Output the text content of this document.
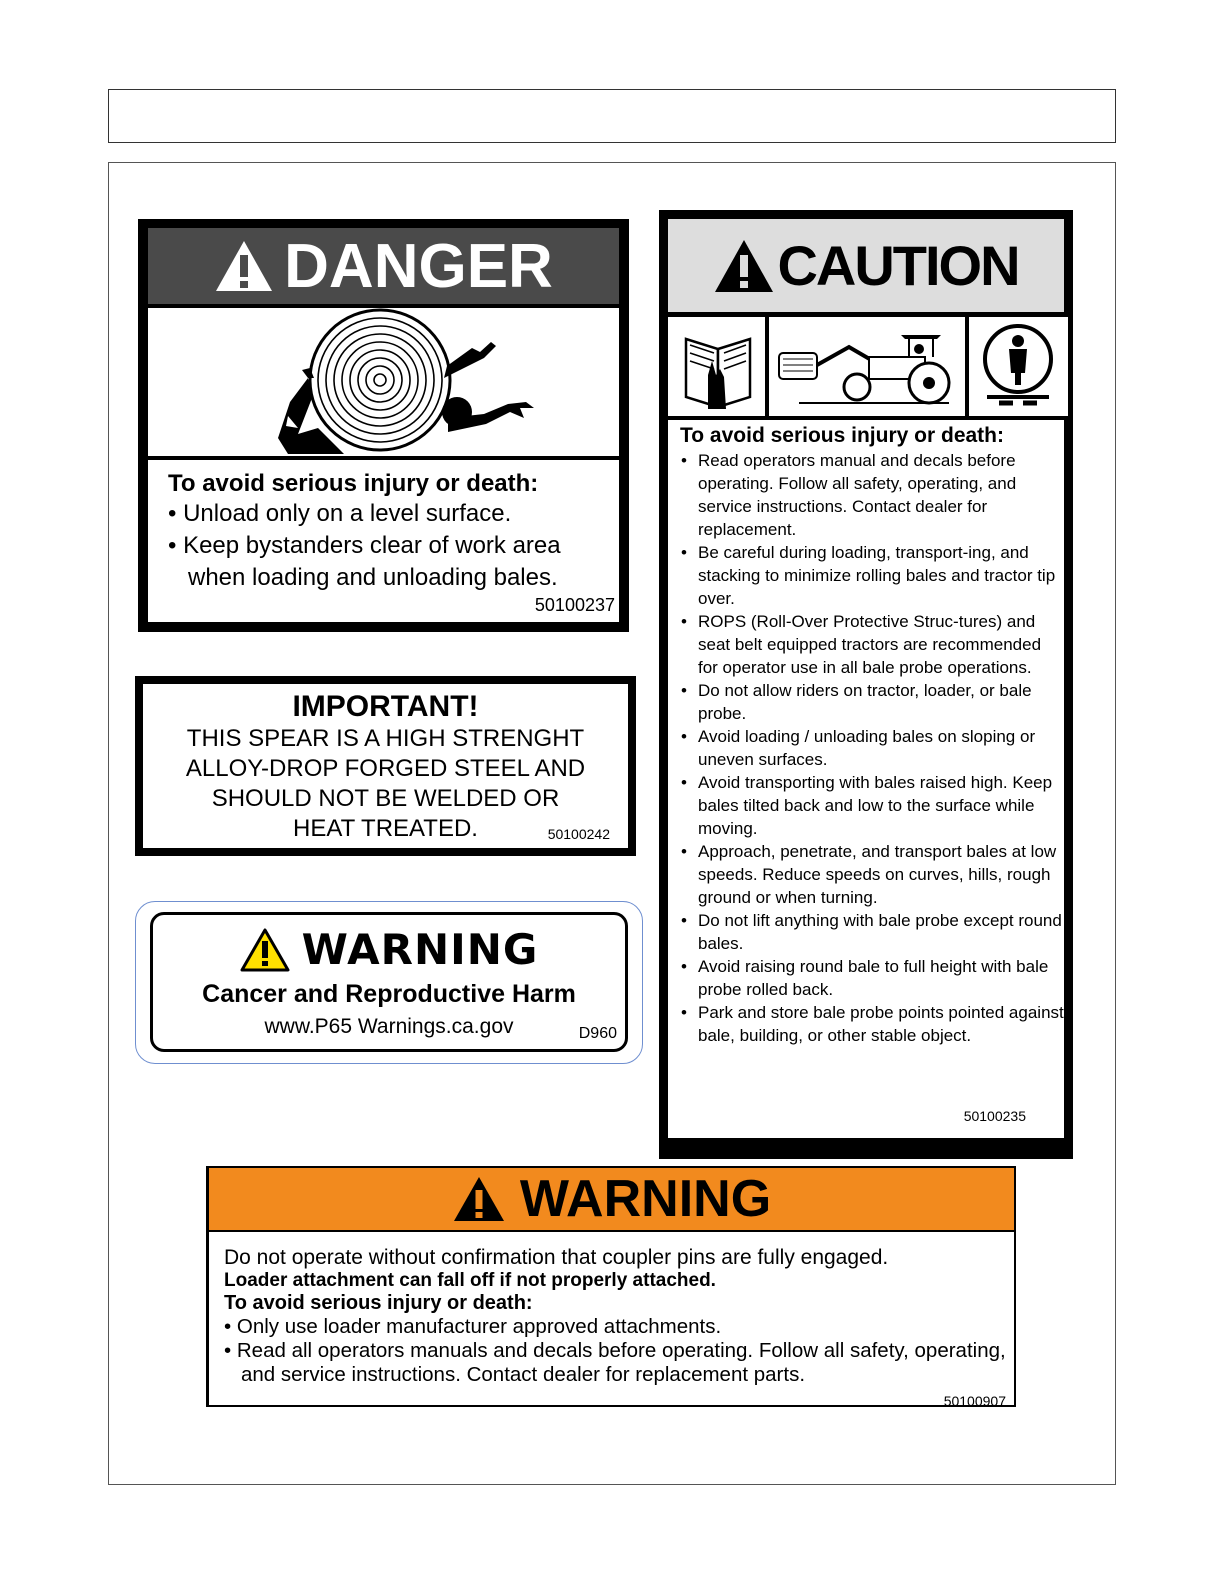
DANGER
To avoid serious injury or death:
• Unload only on a level surface.
• Keep bystanders clear of work area when loading and unloading bales.
50100237
IMPORTANT!
THIS SPEAR IS A HIGH STRENGHT
ALLOY-DROP FORGED STEEL AND
SHOULD NOT BE WELDED OR
HEAT TREATED.	50100242
WARNING
Cancer and Reproductive Harm
www.P65 Warnings.ca.gov	D960
CAUTION
To avoid serious injury or death:
• Read operators manual and decals before operating. Follow all safety, operating, and service instructions. Contact dealer for replacement.
• Be careful during loading, transport-ing, and stacking to minimize rolling bales and tractor tip over.
• ROPS (Roll-Over Protective Struc-tures) and seat belt equipped tractors are recommended for operator use in all bale probe operations.
• Do not allow riders on tractor, loader, or bale probe.
• Avoid loading / unloading bales on sloping or uneven surfaces.
• Avoid transporting with bales raised high. Keep bales tilted back and low to the surface while moving.
• Approach, penetrate, and transport bales at low speeds. Reduce speeds on curves, hills, rough ground or when turning.
• Do not lift anything with bale probe except round bales.
• Avoid raising round bale to full height with bale probe rolled back.
• Park and store bale probe points pointed against bale, building, or other stable object.
50100235
WARNING
Do not operate without confirmation that coupler pins are fully engaged.
Loader attachment can fall off if not properly attached.
To avoid serious injury or death:
• Only use loader manufacturer approved attachments.
• Read all operators manuals and decals before operating. Follow all safety, operating, and service instructions. Contact dealer for replacement parts.
50100907
